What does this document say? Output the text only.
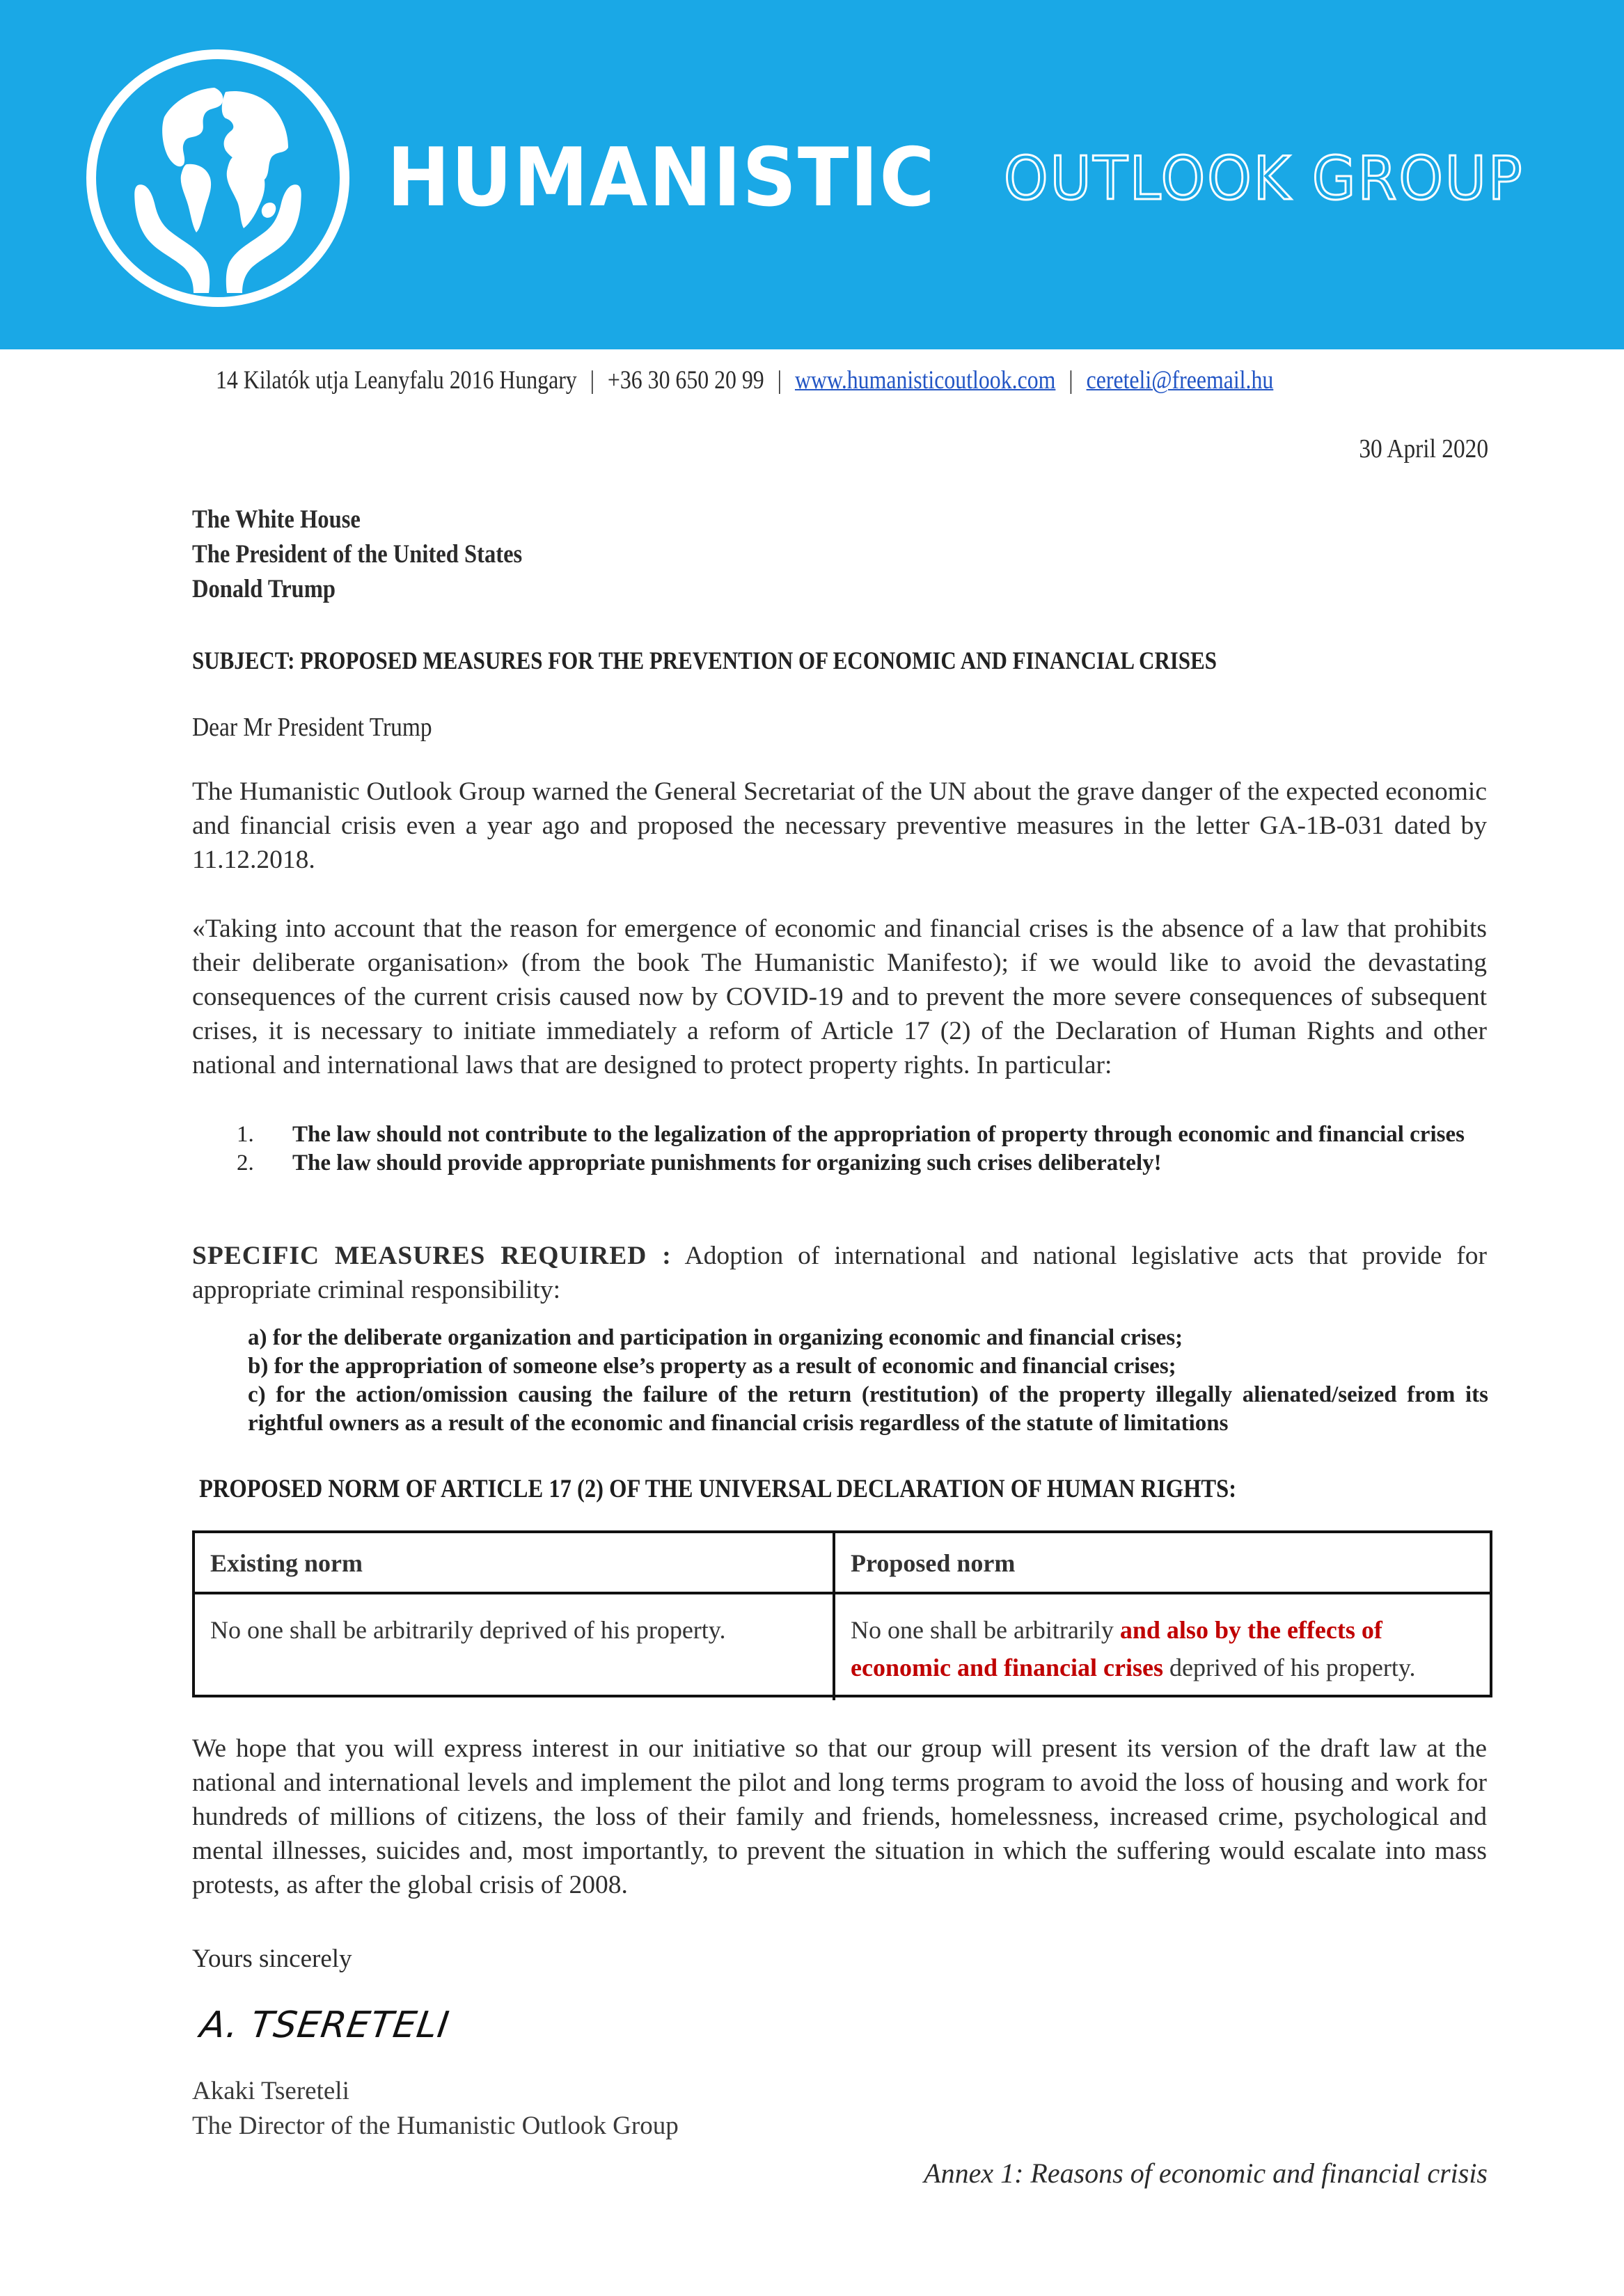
HUMANISTIC OUTLOOK GROUP
14 Kilatók utja Leanyfalu 2016 Hungary | +36 30 650 20 99 | www.humanisticoutlook.com | cereteli@freemail.hu
30 April 2020
The White House
The President of the United States
Donald Trump
SUBJECT: PROPOSED MEASURES FOR THE PREVENTION OF ECONOMIC AND FINANCIAL CRISES
Dear Mr President Trump
The Humanistic Outlook Group warned the General Secretariat of the UN about the grave danger of the expected economic and financial crisis even a year ago and proposed the necessary preventive measures in the letter GA-1B-031 dated by 11.12.2018.
«Taking into account that the reason for emergence of economic and financial crises is the absence of a law that prohibits their deliberate organisation» (from the book The Humanistic Manifesto); if we would like to avoid the devastating consequences of the current crisis caused now by COVID-19 and to prevent the more severe consequences of subsequent crises, it is necessary to initiate immediately a reform of Article 17 (2) of the Declaration of Human Rights and other national and international laws that are designed to protect property rights. In particular:
1.	The law should not contribute to the legalization of the appropriation of property through economic and financial crises
2.	The law should provide appropriate punishments for organizing such crises deliberately!
SPECIFIC MEASURES REQUIRED : Adoption of international and national legislative acts that provide for appropriate criminal responsibility:
a) for the deliberate organization and participation in organizing economic and financial crises;
b) for the appropriation of someone else’s property as a result of economic and financial crises;
c) for the action/omission causing the failure of the return (restitution) of the property illegally alienated/seized from its rightful owners as a result of the economic and financial crisis regardless of the statute of limitations
PROPOSED NORM OF ARTICLE 17 (2) OF THE UNIVERSAL DECLARATION OF HUMAN RIGHTS:
Existing norm	Proposed norm
No one shall be arbitrarily deprived of his property.	No one shall be arbitrarily and also by the effects of economic and financial crises deprived of his property.
We hope that you will express interest in our initiative so that our group will present its version of the draft law at the national and international levels and implement the pilot and long terms program to avoid the loss of housing and work for hundreds of millions of citizens, the loss of their family and friends, homelessness, increased crime, psychological and mental illnesses, suicides and, most importantly, to prevent the situation in which the suffering would escalate into mass protests, as after the global crisis of 2008.
Yours sincerely
A. TSERETELI
Akaki Tsereteli
The Director of the Humanistic Outlook Group
Annex 1: Reasons of economic and financial crisis
